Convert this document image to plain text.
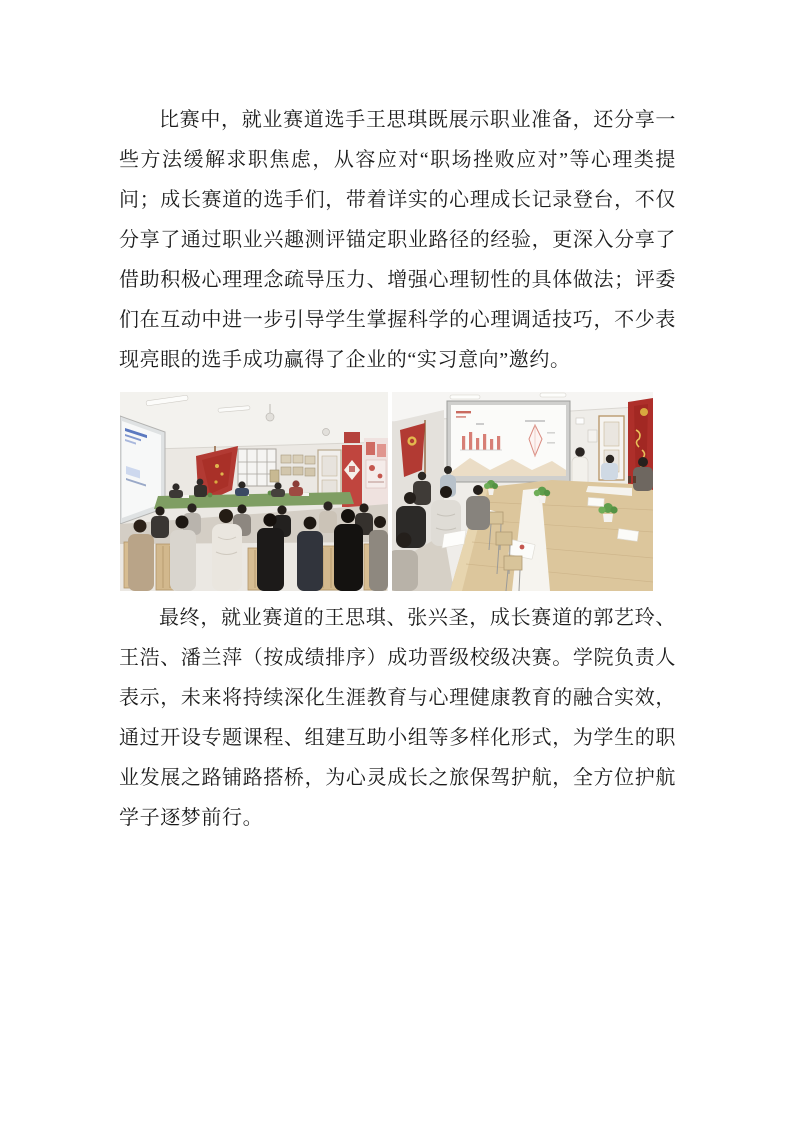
比赛中，就业赛道选手王思琪既展示职业准备，还分享一些方法缓解求职焦虑，从容应对“职场挫败应对”等心理类提问；成长赛道的选手们，带着详实的心理成长记录登台，不仅分享了通过职业兴趣测评锚定职业路径的经验，更深入分享了借助积极心理理念疏导压力、增强心理韧性的具体做法；评委们在互动中进一步引导学生掌握科学的心理调适技巧，不少表现亮眼的选手成功赢得了企业的“实习意向”邀约。

最终，就业赛道的王思琪、张兴圣，成长赛道的郭艺玲、王浩、潘兰萍（按成绩排序）成功晋级校级决赛。学院负责人表示，未来将持续深化生涯教育与心理健康教育的融合实效，通过开设专题课程、组建互助小组等多样化形式，为学生的职业发展之路铺路搭桥，为心灵成长之旅保驾护航，全方位护航学子逐梦前行。
